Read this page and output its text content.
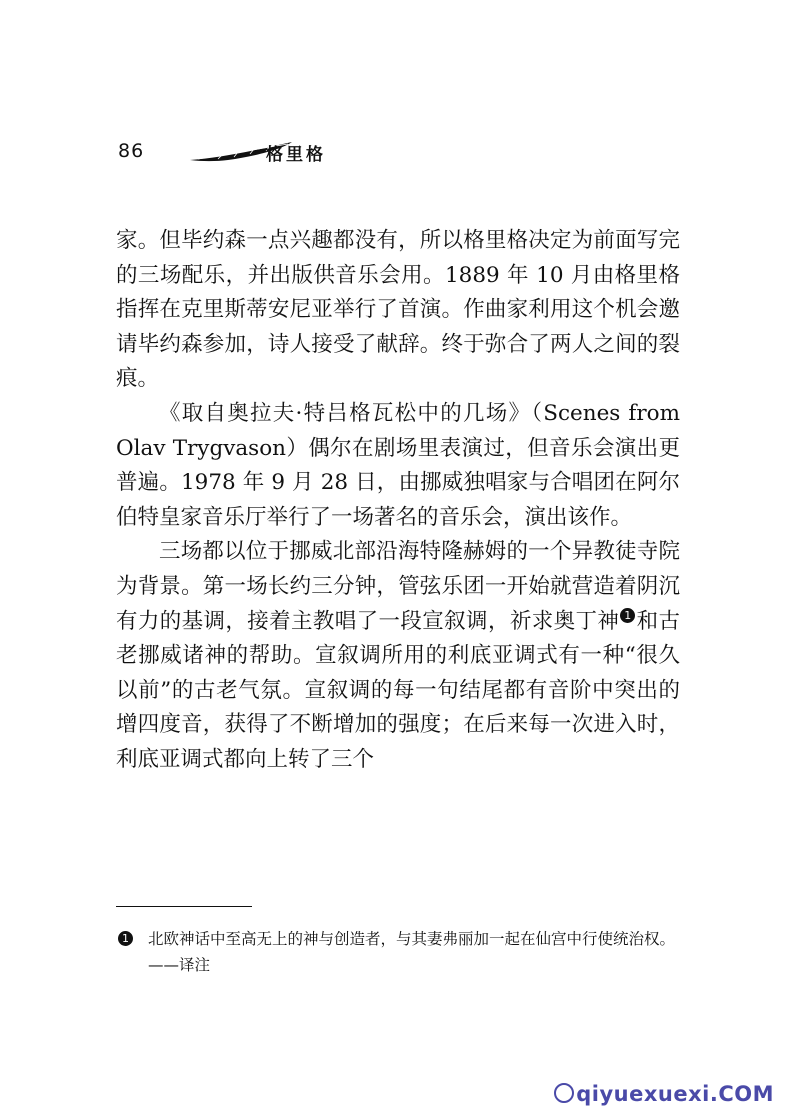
86	格里格

家。但毕约森一点兴趣都没有，所以格里格决定为前面写完的三场配乐，并出版供音乐会用。1889 年 10 月由格里格指挥在克里斯蒂安尼亚举行了首演。作曲家利用这个机会邀请毕约森参加，诗人接受了献辞。终于弥合了两人之间的裂痕。

《取自奥拉夫·特吕格瓦松中的几场》（Scenes from Olav Trygvason）偶尔在剧场里表演过，但音乐会演出更普遍。1978 年 9 月 28 日，由挪威独唱家与合唱团在阿尔伯特皇家音乐厅举行了一场著名的音乐会，演出该作。

三场都以位于挪威北部沿海特隆赫姆的一个异教徒寺院为背景。第一场长约三分钟，管弦乐团一开始就营造着阴沉有力的基调，接着主教唱了一段宣叙调，祈求奥丁神 1 和古老挪威诸神的帮助。宣叙调所用的利底亚调式有一种“很久以前”的古老气氛。宣叙调的每一句结尾都有音阶中突出的增四度音，获得了不断增加的强度；在后来每一次进入时，利底亚调式都向上转了三个

1 北欧神话中至高无上的神与创造者，与其妻弗丽加一起在仙宫中行使统治权。——译注
qiyuexuexi.COM
